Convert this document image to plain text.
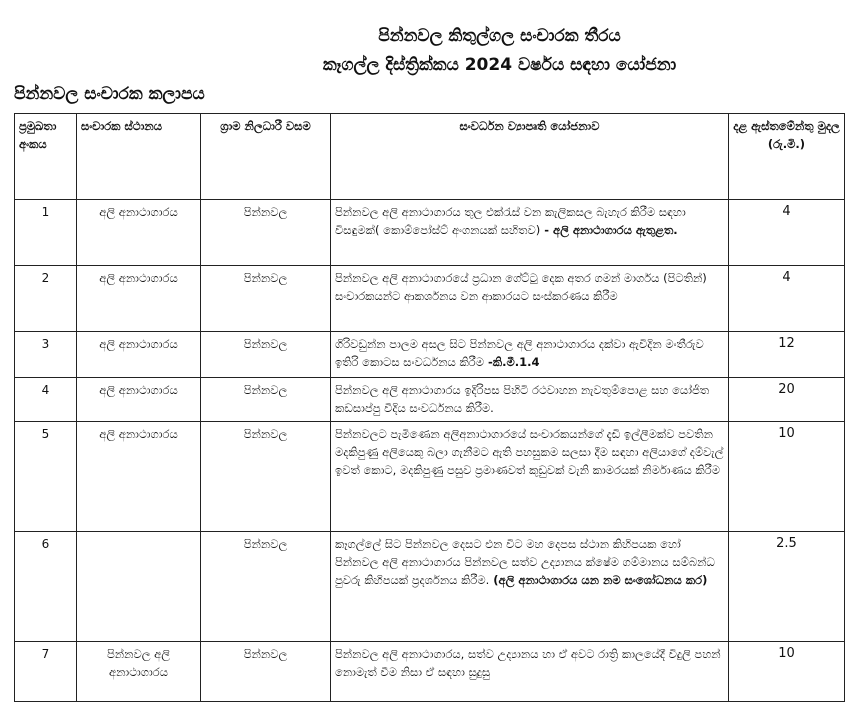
පින්නවල කිතුල්ගල සංචාරක තීරය
කෑගල්ල දිස්ත්‍රික්කය 2024 වර්ෂය සඳහා යෝජනා
පින්නවල සංචාරක කලාපය
ප්‍රමුඛතා අංකය	සංචාරක ස්ථානය	ග්‍රාම නිලධාරී වසම	සංවර්ධන ව්‍යාපෘති යෝජනාව	දළ ඇස්තමේන්තු මුදල (රු.මි.)
1	අලි අනාථාගාරය	පින්නවල	පින්නවල අලි අනාථාගාරය තුල එක්රැස් වන කැලිකසල බැහැර කිරීම සඳහා විසඳුමක්( කොම්පෝස්ට් අංගනයක් සහිතව) - අලි අනාථාගාරය ඇතුළත.	4
2	අලි අනාථාගාරය	පින්නවල	පින්නවල අලි අනාථාගාරයේ ප්‍රධාන ගේට්ටු දෙක අතර ගමන් මාර්ගය (පිටතින්) සංචාරකයන්ට ආකර්ශනය වන ආකාරයට සංස්කරණය කිරීම	4
3	අලි අනාථාගාරය	පින්නවල	ගිරිවඩුන්න පාලම අසල සිට පින්නවල අලි අනාථාගාරය දක්වා ඇවිදින මංතීරුව ඉතිරි කොටස සංවර්ධනය කිරීම -කි.මී.1.4	12
4	අලි අනාථාගාරය	පින්නවල	පින්නවල අලි අනාථාගාරය ඉදිරිපස පිහිටි රථවාහන නැවතුම්පොළ සහ යෝජිත කඩසාප්පු වීදිය සංවර්ධනය කිරීම.	20
5	අලි අනාථාගාරය	පින්නවල	පින්නවලට පැමිණෙන අලිඅනාථාගාරයේ සංචාරකයන්ගේ දැඩි ඉල්ලීමක්ව පවතින මදකිපුණු අලියෙකු බලා ගැනීමට ඇති පහසුකම සලසා දීම සඳහා අලියාගේ දම්වැල් ඉවත් කොට, මදකිපුණු පසුව ප්‍රමාණවත් කුඩුවක් වැනි කාමරයක් නිර්මාණය කිරීම	10
6		පින්නවල	කෑගල්ලේ සිට පින්නවල දෙසට එන විට මහ දෙපස ස්ථාන කිහිපයක හෝ පින්නවල අලි අනාථාගාරය පින්නවල සත්ව උද්‍යානය ක්ෂේම ගම්මානය සම්බන්ධ පුවරු කිහිපයක් ප්‍රදර්ශනය කිරීම. (අලි අනාථාගාරය යන නම සංශෝධනය කර)	2.5
7	පින්නවල අලි අනාථාගාරය	පින්නවල	පින්නවල අලි අනාථාගාරය, සත්ව උද්‍යානය හා ඒ අවට රාත්‍රි කාලයේදී විදුලි පහන් නොමැත් වීම නිසා ඒ සඳහා සුදුසු	10
